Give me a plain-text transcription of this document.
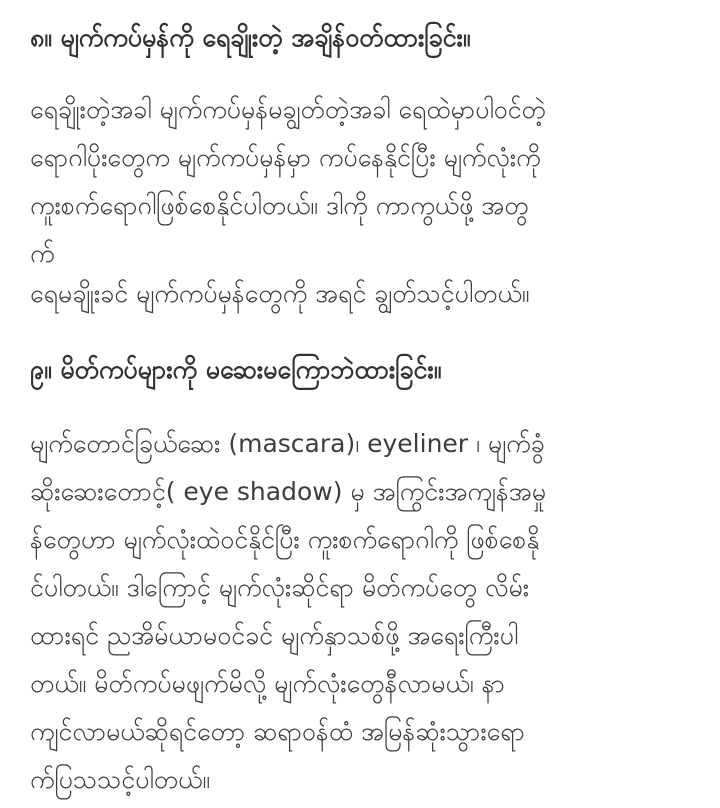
၈။ မျက်ကပ်မှန်ကို ရေချိုးတဲ့ အချိန်ဝတ်ထားခြင်း။

ရေချိုးတဲ့အခါ မျက်ကပ်မှန်မချွတ်တဲ့အခါ ရေထဲမှာပါဝင်တဲ့
ရောဂါပိုးတွေက မျက်ကပ်မှန်မှာ ကပ်နေနိုင်ပြီး မျက်လုံးကို
ကူးစက်ရောဂါဖြစ်စေနိုင်ပါတယ်။ ဒါကို ကာကွယ်ဖို့ အတွ
က်
ရေမချိုးခင် မျက်ကပ်မှန်တွေကို အရင် ချွတ်သင့်ပါတယ်။

၉။ မိတ်ကပ်များကို မဆေးမကြောဘဲထားခြင်း။

မျက်တောင်ခြယ်ဆေး (mascara)၊ eyeliner ၊ မျက်ခွံ
ဆိုးဆေးတောင့်( eye shadow) မှ အကြွင်းအကျန်အမှု
န်တွေဟာ မျက်လုံးထဲဝင်နိုင်ပြီး ကူးစက်ရောဂါကို ဖြစ်စေနို
င်ပါတယ်။ ဒါကြောင့် မျက်လုံးဆိုင်ရာ မိတ်ကပ်တွေ လိမ်း
ထားရင် ညအိမ်ယာမဝင်ခင် မျက်နှာသစ်ဖို့ အရေးကြီးပါ
တယ်။ မိတ်ကပ်မဖျက်မိလို့ မျက်လုံးတွေနီလာမယ်၊ နာ
ကျင်လာမယ်ဆိုရင်တော့ ဆရာဝန်ထံ အမြန်ဆုံးသွားရော
က်ပြသသင့်ပါတယ်။
